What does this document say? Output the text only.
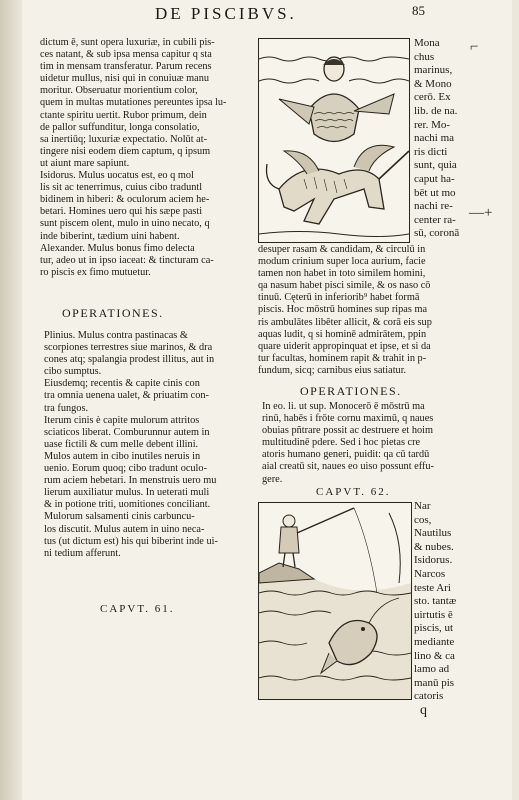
DE PISCIBVS.	85
dictum ē, sunt opera luxuriæ, in cubili pis-
ces natant, & sub ipsa mensa capitur q sta
tim in mensam transferatur. Parum recens
uidetur mullus, nisi qui in conuiuæ manu
moritur. Obseruatur morientium color,
quem in multas mutationes pereuntes ipsa lu-
ctante spiritu uertit. Rubor primum, dein
de pallor suffunditur, longa consolatio,
sa inertiūq; luxuriæ expectatio. Nolūt at-
tingere nisi eodem diem captum, q ipsum
ut aiunt mare sapiunt.
Isidorus. Mulus uocatus est, eo q mol
lis sit ac tenerrimus, cuius cibo traduntl
bidinem in hiberi: & oculorum aciem he-
betari. Homines uero qui his sæpe pasti
sunt piscem olent, mulo in uino necato, q
inde biberint, tædium uini habent.
Alexander. Mulus bonus fimo delecta
tur, adeo ut in ipso iaceat: & tincturam ca-
ro piscis ex fimo mutuetur.
OPERATIONES.
Plinius. Mulus contra pastinacas &
scorpiones terrestres siue marinos, & dra
cones atq; spalangia prodest illitus, aut in
cibo sumptus.
Eiusdemq; recentis & capite cinis con
tra omnia uenena ualet, & priuatim con-
tra fungos.
Iterum cinis è capite mulorum attritos
sciaticos liberat. Comburunnur autem in
uase fictili & cum melle debent illini.
Mulos autem in cibo inutiles neruis in
uenio. Eorum quoq; cibo tradunt oculo-
rum aciem hebetari. In menstruis uero mu
lierum auxiliatur mulus. In ueterati muli
& in potione triti, uomitiones conciliant.
Mulorum salsamenti cinis carbuncu-
los discutit. Mulus autem in uino neca-
tus (ut dictum est) his qui biberint inde ui-
ni tedium afferunt.
CAPVT. 61.
Mona
chus
marinus,
& Mono
cerō. Ex
lib. de na.
rer. Mo-
nachi ma
ris dicti
sunt, quia
caput ha-
bēt ut mo
nachi re-
center ra-
sū, coronā
desuper rasam & candidam, & circulū in
modum crinium super loca aurium, facie
tamen non habet in toto similem homini,
qa nasum habet pisci simile, & os naso cō
tinuū. Cęterū in inferiorib⁹ habet formā
piscis. Hoc mōstrū homines sup ripas ma
ris ambulātes libēter allicit, & corā eis sup
aquas ludit, q si hominē admirātem, ppin
quare uiderit appropinquat et ipse, et si da
tur facultas, hominem rapit & trahit in p-
fundum, sicq; carnibus eius satiatur.
OPERATIONES.
In eo. li. ut sup. Monocerō ē mōstrū ma
rinū, habēs i frōte cornu maximū, q naues
obuias pñtrare possit ac destruere et hoim
multitudinē pdere. Sed i hoc pietas cre
atoris humano generi, puidit: qa cū tardū
aial creatū sit, naues eo uiso possunt effu-
gere.
CAPVT. 62.
Nar
cos,
Nautilus
& nubes.
Isidorus.
Narcos
teste Ari
sto. tantæ
uirtutis ē
piscis, ut
mediante
lino & ca
lamo ad
manū pis
catoris
q
—+
⌐
